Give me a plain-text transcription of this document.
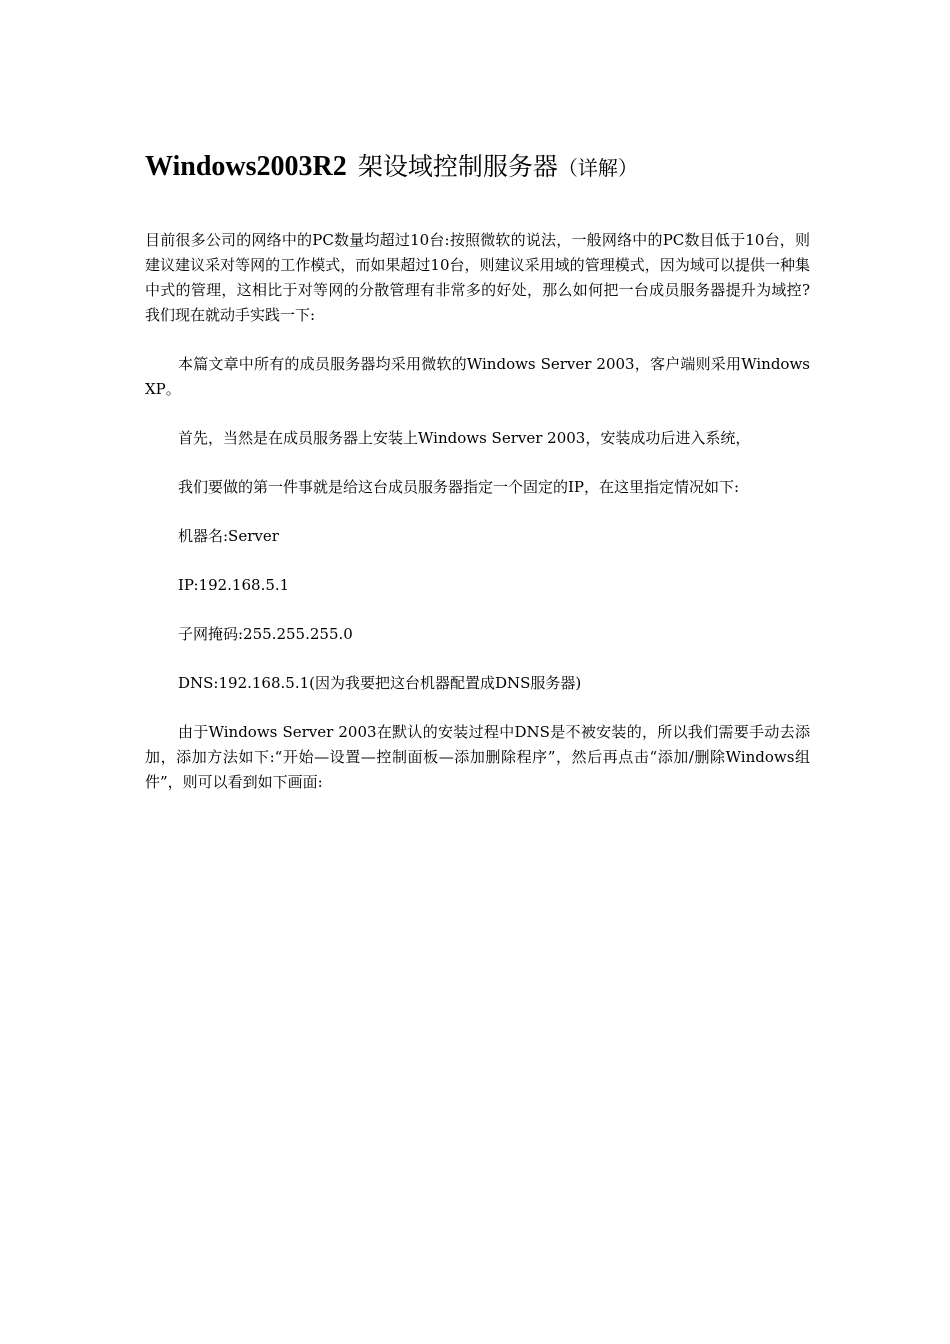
Windows2003R2 架设域控制服务器（详解）

目前很多公司的网络中的PC数量均超过10台:按照微软的说法，一般网络中的PC数目低于10台，则建议建议采对等网的工作模式，而如果超过10台，则建议采用域的管理模式，因为域可以提供一种集中式的管理，这相比于对等网的分散管理有非常多的好处，那么如何把一台成员服务器提升为域控?我们现在就动手实践一下:

本篇文章中所有的成员服务器均采用微软的Windows Server 2003，客户端则采用Windows XP。

首先，当然是在成员服务器上安装上Windows Server 2003，安装成功后进入系统，

我们要做的第一件事就是给这台成员服务器指定一个固定的IP，在这里指定情况如下:

机器名:Server

IP:192.168.5.1

子网掩码:255.255.255.0

DNS:192.168.5.1(因为我要把这台机器配置成DNS服务器)

由于Windows Server 2003在默认的安装过程中DNS是不被安装的，所以我们需要手动去添加，添加方法如下:“开始—设置—控制面板—添加删除程序”，然后再点击“添加/删除Windows组件”，则可以看到如下画面:
